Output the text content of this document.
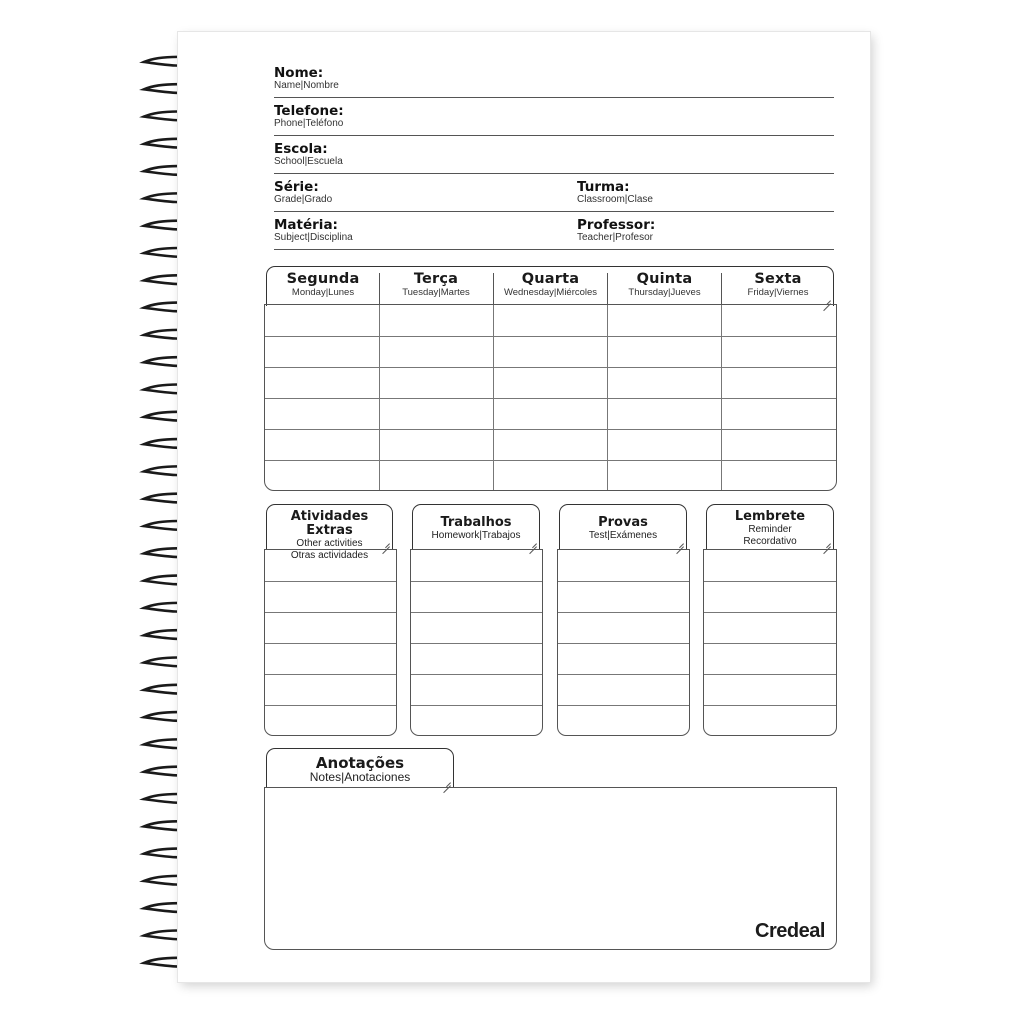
Nome:
Name|Nombre
Telefone:
Phone|Teléfono
Escola:
School|Escuela
Série:
Grade|Grado
Turma:
Classroom|Clase
Matéria:
Subject|Disciplina
Professor:
Teacher|Profesor
Segunda
Monday|Lunes
Terça
Tuesday|Martes
Quarta
Wednesday|Miércoles
Quinta
Thursday|Jueves
Sexta
Friday|Viernes
Atividades Extras
Other activities
Otras actividades
Trabalhos
Homework|Trabajos
Provas
Test|Exámenes
Lembrete
Reminder
Recordativo
Anotações
Notes|Anotaciones
Credeal
